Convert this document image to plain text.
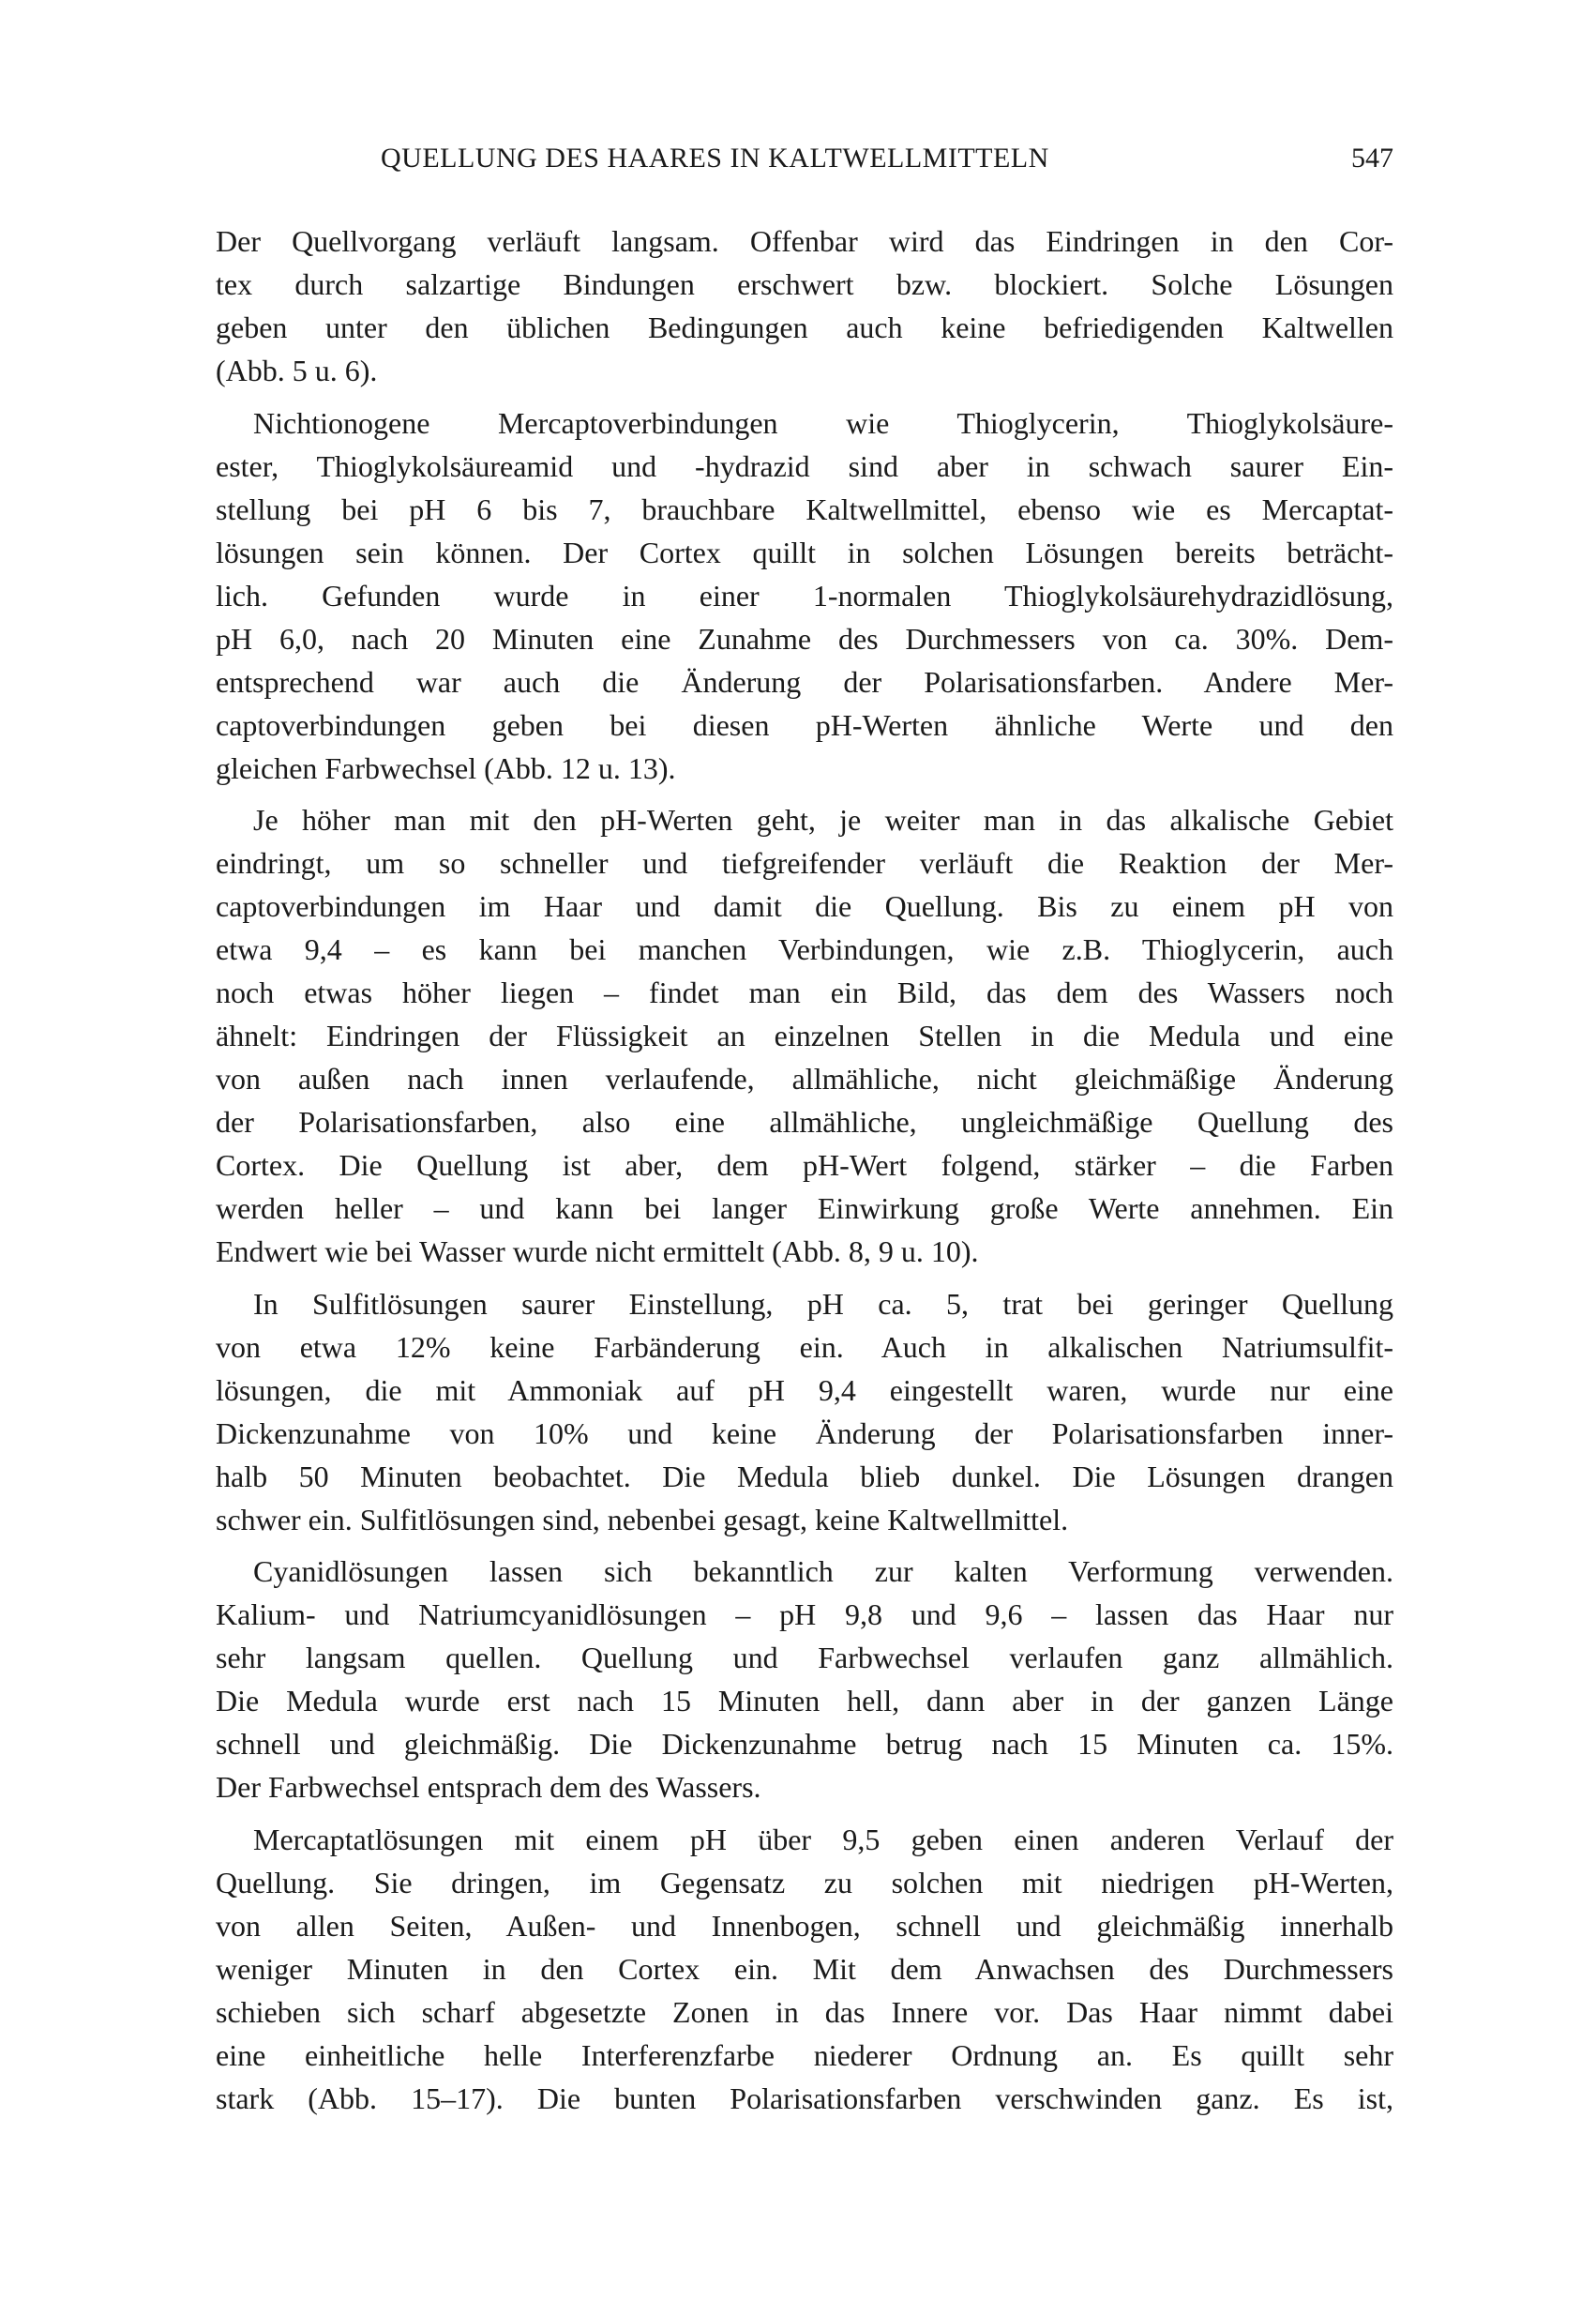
QUELLUNG DES HAARES IN KALTWELLMITTELN	547
Der Quellvorgang verläuft langsam. Offenbar wird das Eindringen in den Cor-
tex durch salzartige Bindungen erschwert bzw. blockiert. Solche Lösungen
geben unter den üblichen Bedingungen auch keine befriedigenden Kaltwellen
(Abb. 5 u. 6).
Nichtionogene Mercaptoverbindungen wie Thioglycerin, Thioglykolsäure-
ester, Thioglykolsäureamid und -hydrazid sind aber in schwach saurer Ein-
stellung bei pH 6 bis 7, brauchbare Kaltwellmittel, ebenso wie es Mercaptat-
lösungen sein können. Der Cortex quillt in solchen Lösungen bereits beträcht-
lich. Gefunden wurde in einer 1-normalen Thioglykolsäurehydrazidlösung,
pH 6,0, nach 20 Minuten eine Zunahme des Durchmessers von ca. 30%. Dem-
entsprechend war auch die Änderung der Polarisationsfarben. Andere Mer-
captoverbindungen geben bei diesen pH-Werten ähnliche Werte und den
gleichen Farbwechsel (Abb. 12 u. 13).
Je höher man mit den pH-Werten geht, je weiter man in das alkalische Gebiet
eindringt, um so schneller und tiefgreifender verläuft die Reaktion der Mer-
captoverbindungen im Haar und damit die Quellung. Bis zu einem pH von
etwa 9,4 – es kann bei manchen Verbindungen, wie z.B. Thioglycerin, auch
noch etwas höher liegen – findet man ein Bild, das dem des Wassers noch
ähnelt: Eindringen der Flüssigkeit an einzelnen Stellen in die Medula und eine
von außen nach innen verlaufende, allmähliche, nicht gleichmäßige Änderung
der Polarisationsfarben, also eine allmähliche, ungleichmäßige Quellung des
Cortex. Die Quellung ist aber, dem pH-Wert folgend, stärker – die Farben
werden heller – und kann bei langer Einwirkung große Werte annehmen. Ein
Endwert wie bei Wasser wurde nicht ermittelt (Abb. 8, 9 u. 10).
In Sulfitlösungen saurer Einstellung, pH ca. 5, trat bei geringer Quellung
von etwa 12% keine Farbänderung ein. Auch in alkalischen Natriumsulfit-
lösungen, die mit Ammoniak auf pH 9,4 eingestellt waren, wurde nur eine
Dickenzunahme von 10% und keine Änderung der Polarisationsfarben inner-
halb 50 Minuten beobachtet. Die Medula blieb dunkel. Die Lösungen drangen
schwer ein. Sulfitlösungen sind, nebenbei gesagt, keine Kaltwellmittel.
Cyanidlösungen lassen sich bekanntlich zur kalten Verformung verwenden.
Kalium- und Natriumcyanidlösungen – pH 9,8 und 9,6 – lassen das Haar nur
sehr langsam quellen. Quellung und Farbwechsel verlaufen ganz allmählich.
Die Medula wurde erst nach 15 Minuten hell, dann aber in der ganzen Länge
schnell und gleichmäßig. Die Dickenzunahme betrug nach 15 Minuten ca. 15%.
Der Farbwechsel entsprach dem des Wassers.
Mercaptatlösungen mit einem pH über 9,5 geben einen anderen Verlauf der
Quellung. Sie dringen, im Gegensatz zu solchen mit niedrigen pH-Werten,
von allen Seiten, Außen- und Innenbogen, schnell und gleichmäßig innerhalb
weniger Minuten in den Cortex ein. Mit dem Anwachsen des Durchmessers
schieben sich scharf abgesetzte Zonen in das Innere vor. Das Haar nimmt dabei
eine einheitliche helle Interferenzfarbe niederer Ordnung an. Es quillt sehr
stark (Abb. 15–17). Die bunten Polarisationsfarben verschwinden ganz. Es ist,
